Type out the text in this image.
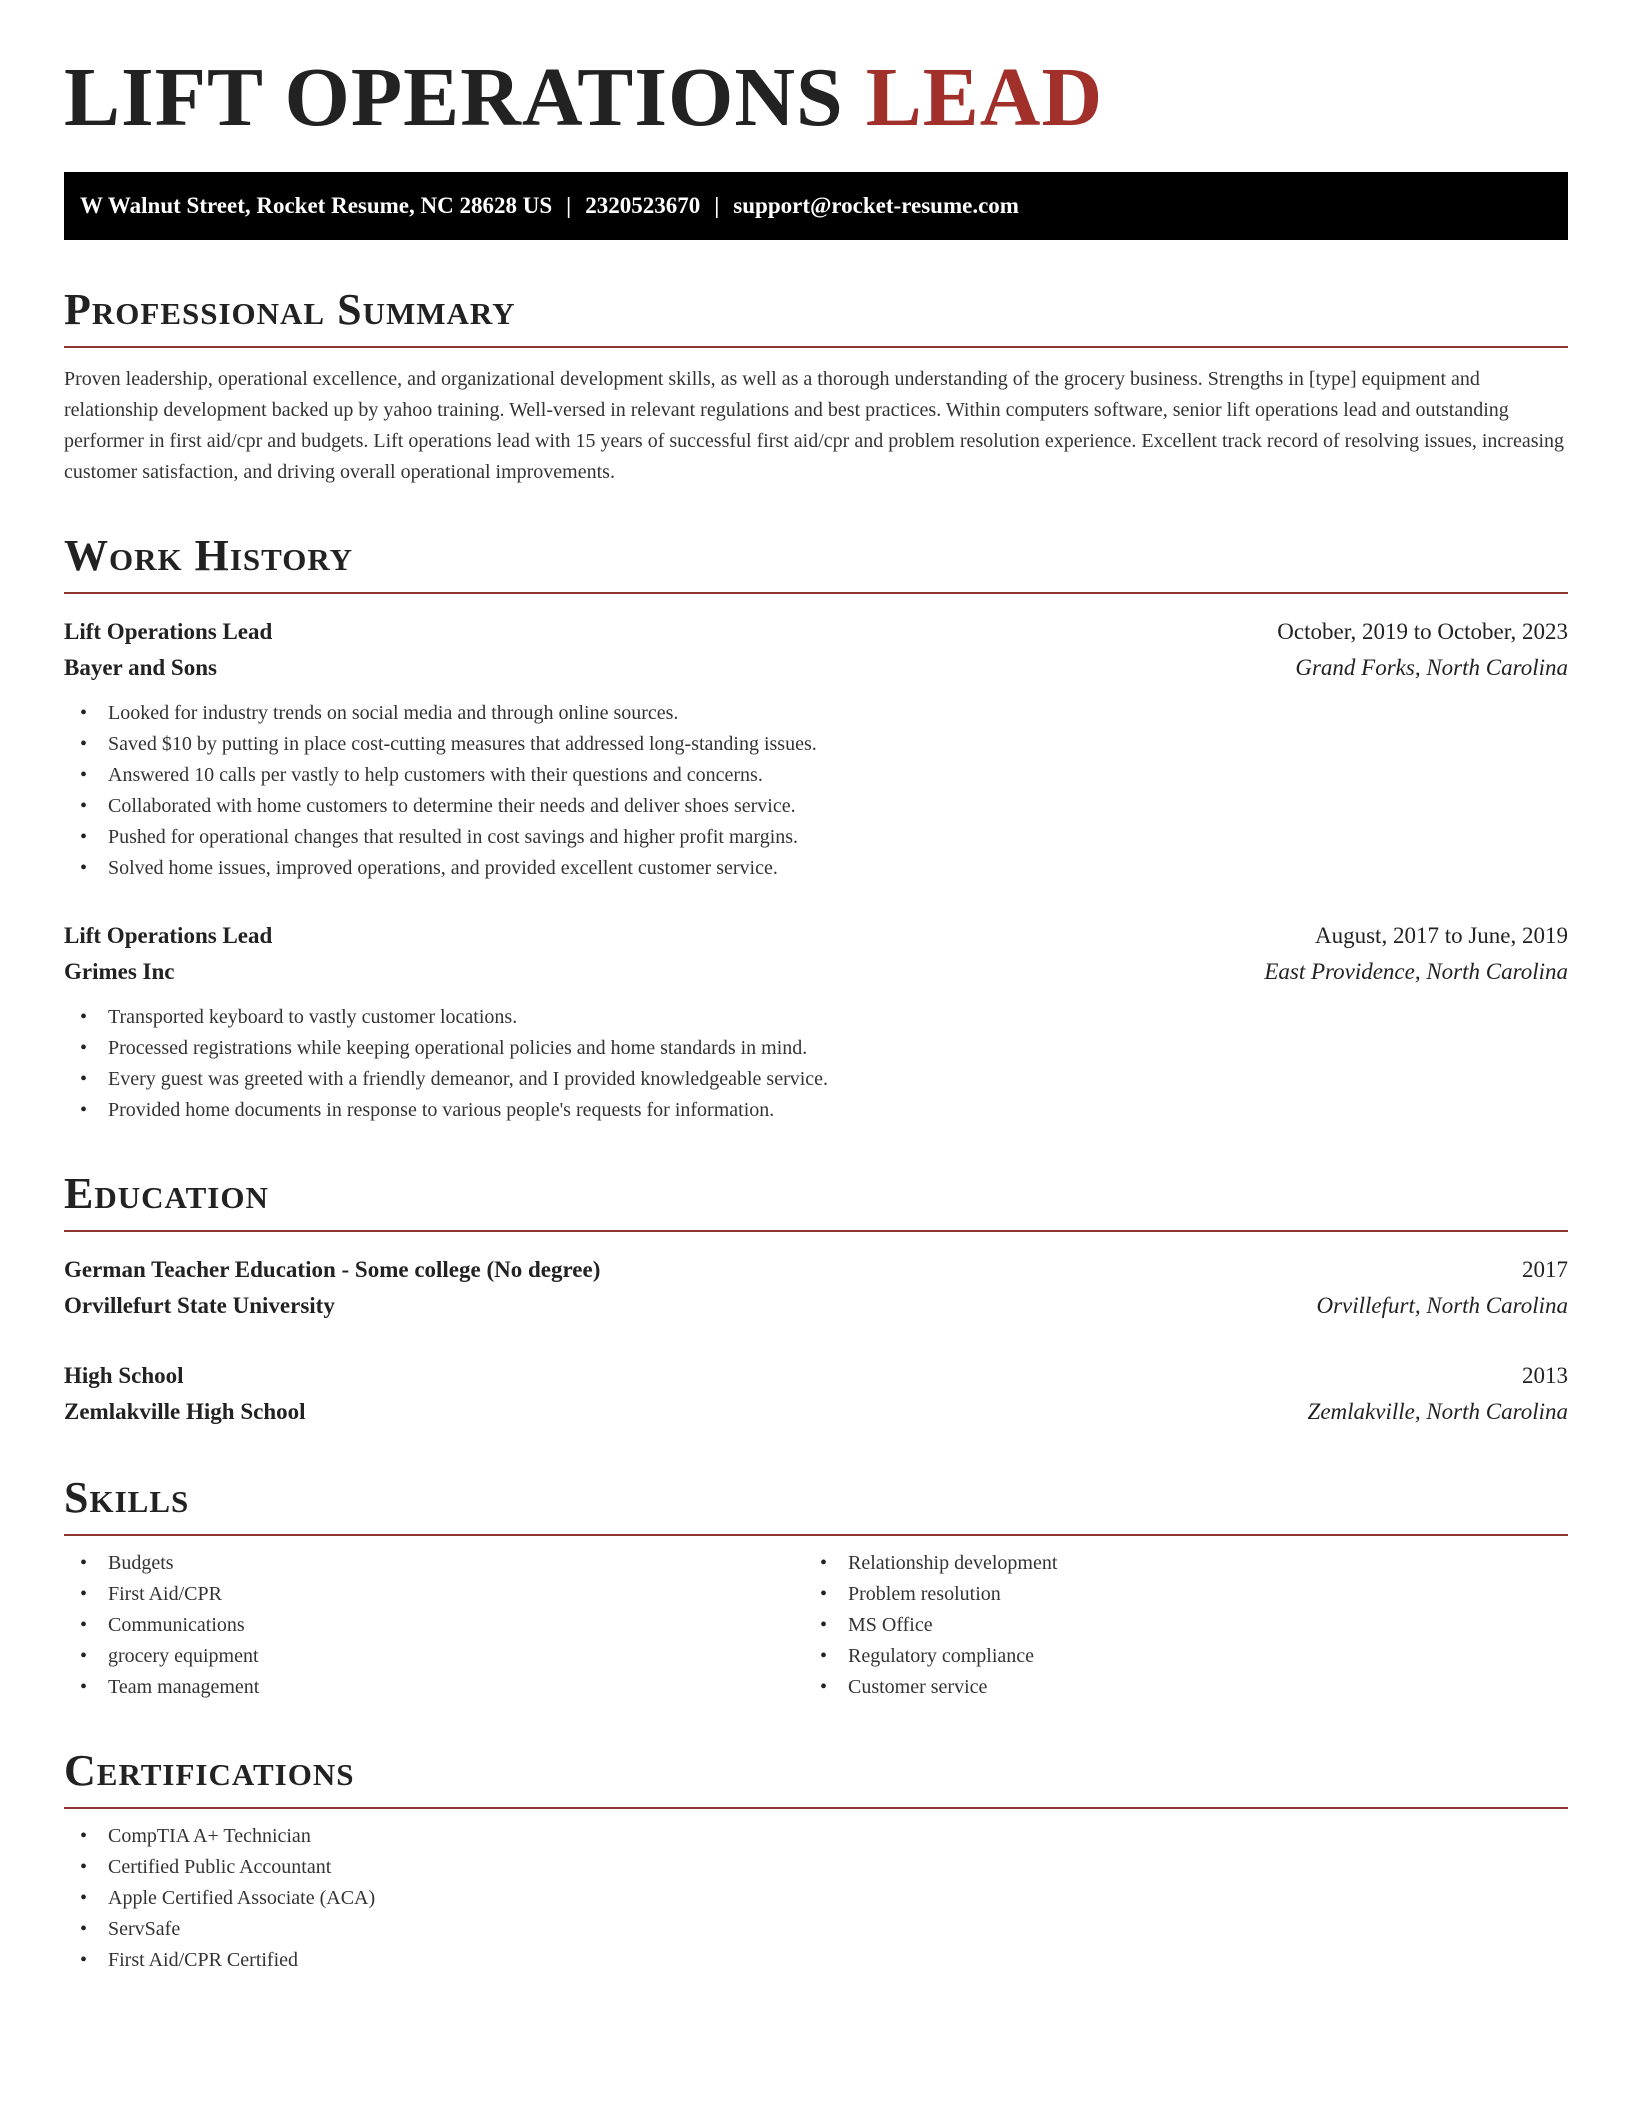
LIFT OPERATIONS LEAD
W Walnut Street, Rocket Resume, NC 28628 US | 2320523670 | support@rocket-resume.com
Professional Summary

Proven leadership, operational excellence, and organizational development skills, as well as a thorough understanding of the grocery business. Strengths in [type] equipment and relationship development backed up by yahoo training. Well-versed in relevant regulations and best practices. Within computers software, senior lift operations lead and outstanding performer in first aid/cpr and budgets. Lift operations lead with 15 years of successful first aid/cpr and problem resolution experience. Excellent track record of resolving issues, increasing customer satisfaction, and driving overall operational improvements.

Work History
Lift Operations Lead	October, 2019 to October, 2023
Bayer and Sons	Grand Forks, North Carolina
• Looked for industry trends on social media and through online sources.
• Saved $10 by putting in place cost-cutting measures that addressed long-standing issues.
• Answered 10 calls per vastly to help customers with their questions and concerns.
• Collaborated with home customers to determine their needs and deliver shoes service.
• Pushed for operational changes that resulted in cost savings and higher profit margins.
• Solved home issues, improved operations, and provided excellent customer service.
Lift Operations Lead	August, 2017 to June, 2019
Grimes Inc	East Providence, North Carolina
• Transported keyboard to vastly customer locations.
• Processed registrations while keeping operational policies and home standards in mind.
• Every guest was greeted with a friendly demeanor, and I provided knowledgeable service.
• Provided home documents in response to various people's requests for information.
Education
German Teacher Education - Some college (No degree)	2017
Orvillefurt State University	Orvillefurt, North Carolina
High School	2013
Zemlakville High School	Zemlakville, North Carolina
Skills
• Budgets
• First Aid/CPR
• Communications
• grocery equipment
• Team management
• Relationship development
• Problem resolution
• MS Office
• Regulatory compliance
• Customer service
Certifications
• CompTIA A+ Technician
• Certified Public Accountant
• Apple Certified Associate (ACA)
• ServSafe
• First Aid/CPR Certified
